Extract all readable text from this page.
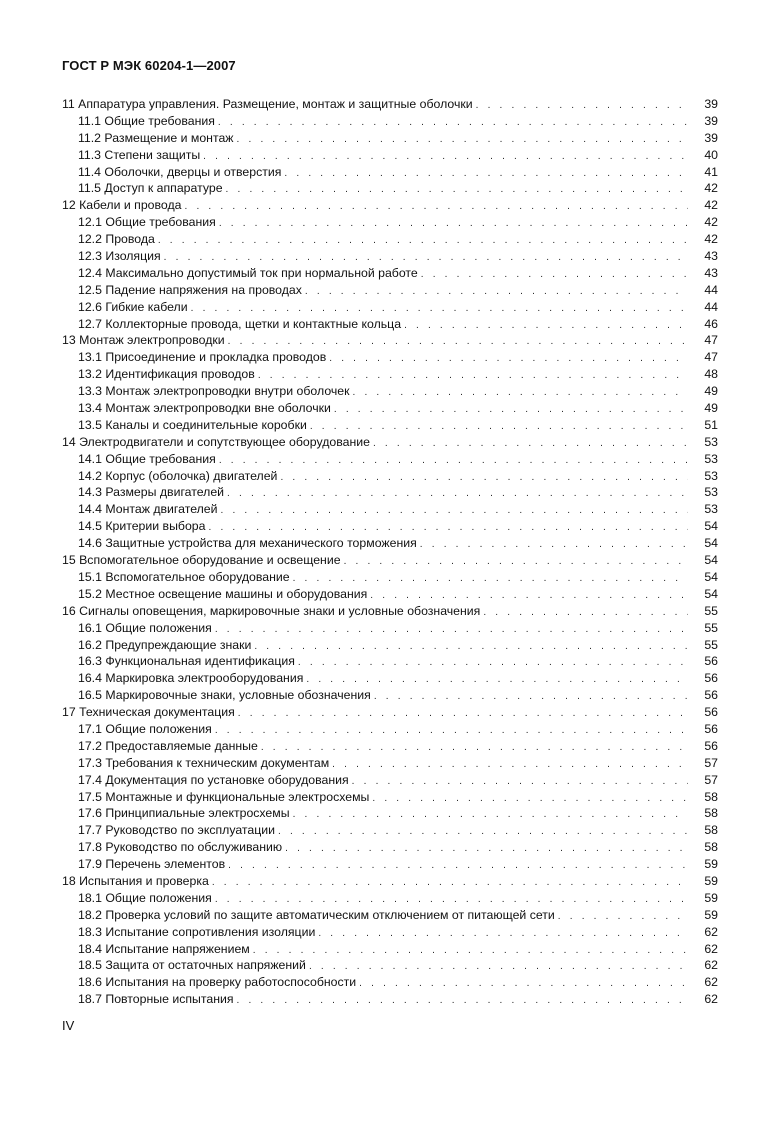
ГОСТ Р МЭК 60204-1—2007
11 Аппаратура управления. Размещение, монтаж и защитные оболочки . . .	39
11.1 Общие требования . . .	39
11.2 Размещение и монтаж . . .	39
11.3 Степени защиты . . .	40
11.4 Оболочки, дверцы и отверстия . . .	41
11.5 Доступ к аппаратуре . . .	42
12 Кабели и провода . . .	42
12.1 Общие требования . . .	42
12.2 Провода . . .	42
12.3 Изоляция . . .	43
12.4 Максимально допустимый ток при нормальной работе . . .	43
12.5 Падение напряжения на проводах . . .	44
12.6 Гибкие кабели . . .	44
12.7 Коллекторные провода, щетки и контактные кольца . . .	46
13 Монтаж электропроводки . . .	47
13.1 Присоединение и прокладка проводов . . .	47
13.2 Идентификация проводов . . .	48
13.3 Монтаж электропроводки внутри оболочек . . .	49
13.4 Монтаж электропроводки вне оболочки . . .	49
13.5 Каналы и соединительные коробки . . .	51
14 Электродвигатели и сопутствующее оборудование . . .	53
14.1 Общие требования . . .	53
14.2 Корпус (оболочка) двигателей . . .	53
14.3 Размеры двигателей . . .	53
14.4 Монтаж двигателей . . .	53
14.5 Критерии выбора . . .	54
14.6 Защитные устройства для механического торможения . . .	54
15 Вспомогательное оборудование и освещение . . .	54
15.1 Вспомогательное оборудование . . .	54
15.2 Местное освещение машины и оборудования . . .	54
16 Сигналы оповещения, маркировочные знаки и условные обозначения . . .	55
16.1 Общие положения . . .	55
16.2 Предупреждающие знаки . . .	55
16.3 Функциональная идентификация . . .	56
16.4 Маркировка электрооборудования . . .	56
16.5 Маркировочные знаки, условные обозначения . . .	56
17 Техническая документация . . .	56
17.1 Общие положения . . .	56
17.2 Предоставляемые данные . . .	56
17.3 Требования к техническим документам . . .	57
17.4 Документация по установке оборудования . . .	57
17.5 Монтажные и функциональные электросхемы . . .	58
17.6 Принципиальные электросхемы . . .	58
17.7 Руководство по эксплуатации . . .	58
17.8 Руководство по обслуживанию . . .	58
17.9 Перечень элементов . . .	59
18 Испытания и проверка . . .	59
18.1 Общие положения . . .	59
18.2 Проверка условий по защите автоматическим отключением от питающей сети . . .	59
18.3 Испытание сопротивления изоляции . . .	62
18.4 Испытание напряжением . . .	62
18.5 Защита от остаточных напряжений . . .	62
18.6 Испытания на проверку работоспособности . . .	62
18.7 Повторные испытания . . .	62
IV
